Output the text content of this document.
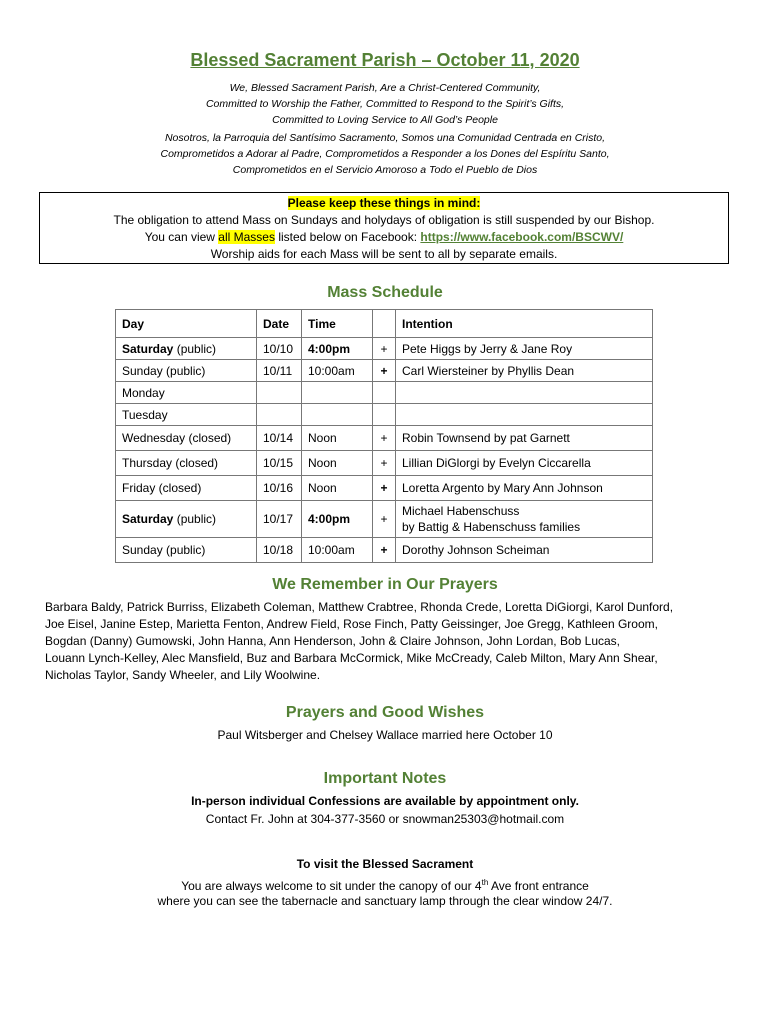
Blessed Sacrament Parish – October 11, 2020
We, Blessed Sacrament Parish, Are a Christ-Centered Community,
Committed to Worship the Father, Committed to Respond to the Spirit’s Gifts,
Committed to Loving Service to All God’s People
Nosotros, la Parroquia del Santísimo Sacramento, Somos una Comunidad Centrada en Cristo,
Comprometidos a Adorar al Padre, Comprometidos a Responder a los Dones del Espíritu Santo,
Comprometidos en el Servicio Amoroso a Todo el Pueblo de Dios
Please keep these things in mind:
The obligation to attend Mass on Sundays and holydays of obligation is still suspended by our Bishop.
You can view all Masses listed below on Facebook: https://www.facebook.com/BSCWV/
Worship aids for each Mass will be sent to all by separate emails.
Mass Schedule
Day	Date	Time		Intention
Saturday (public)	10/10	4:00pm	+	Pete Higgs by Jerry & Jane Roy
Sunday (public)	10/11	10:00am	+	Carl Wiersteiner by Phyllis Dean
Monday				
Tuesday				
Wednesday (closed)	10/14	Noon	+	Robin Townsend by pat Garnett
Thursday (closed)	10/15	Noon	+	Lillian DiGlorgi by Evelyn Ciccarella
Friday (closed)	10/16	Noon	+	Loretta Argento by Mary Ann Johnson
Saturday (public)	10/17	4:00pm	+	Michael Habenschuss
by Battig & Habenschuss families

Sunday (public)	10/18	10:00am	+	Dorothy Johnson Scheiman
We Remember in Our Prayers
Barbara Baldy, Patrick Burriss, Elizabeth Coleman, Matthew Crabtree, Rhonda Crede, Loretta DiGiorgi, Karol Dunford,
Joe Eisel, Janine Estep, Marietta Fenton, Andrew Field, Rose Finch, Patty Geissinger, Joe Gregg, Kathleen Groom,
Bogdan (Danny) Gumowski, John Hanna, Ann Henderson, John & Claire Johnson, John Lordan, Bob Lucas,
Louann Lynch-Kelley, Alec Mansfield, Buz and Barbara McCormick, Mike McCready, Caleb Milton, Mary Ann Shear,
Nicholas Taylor, Sandy Wheeler, and Lily Woolwine.
Prayers and Good Wishes
Paul Witsberger and Chelsey Wallace married here October 10
Important Notes
In-person individual Confessions are available by appointment only.
Contact Fr. John at 304-377-3560 or snowman25303@hotmail.com
To visit the Blessed Sacrament
You are always welcome to sit under the canopy of our 4th Ave front entrance
where you can see the tabernacle and sanctuary lamp through the clear window 24/7.
